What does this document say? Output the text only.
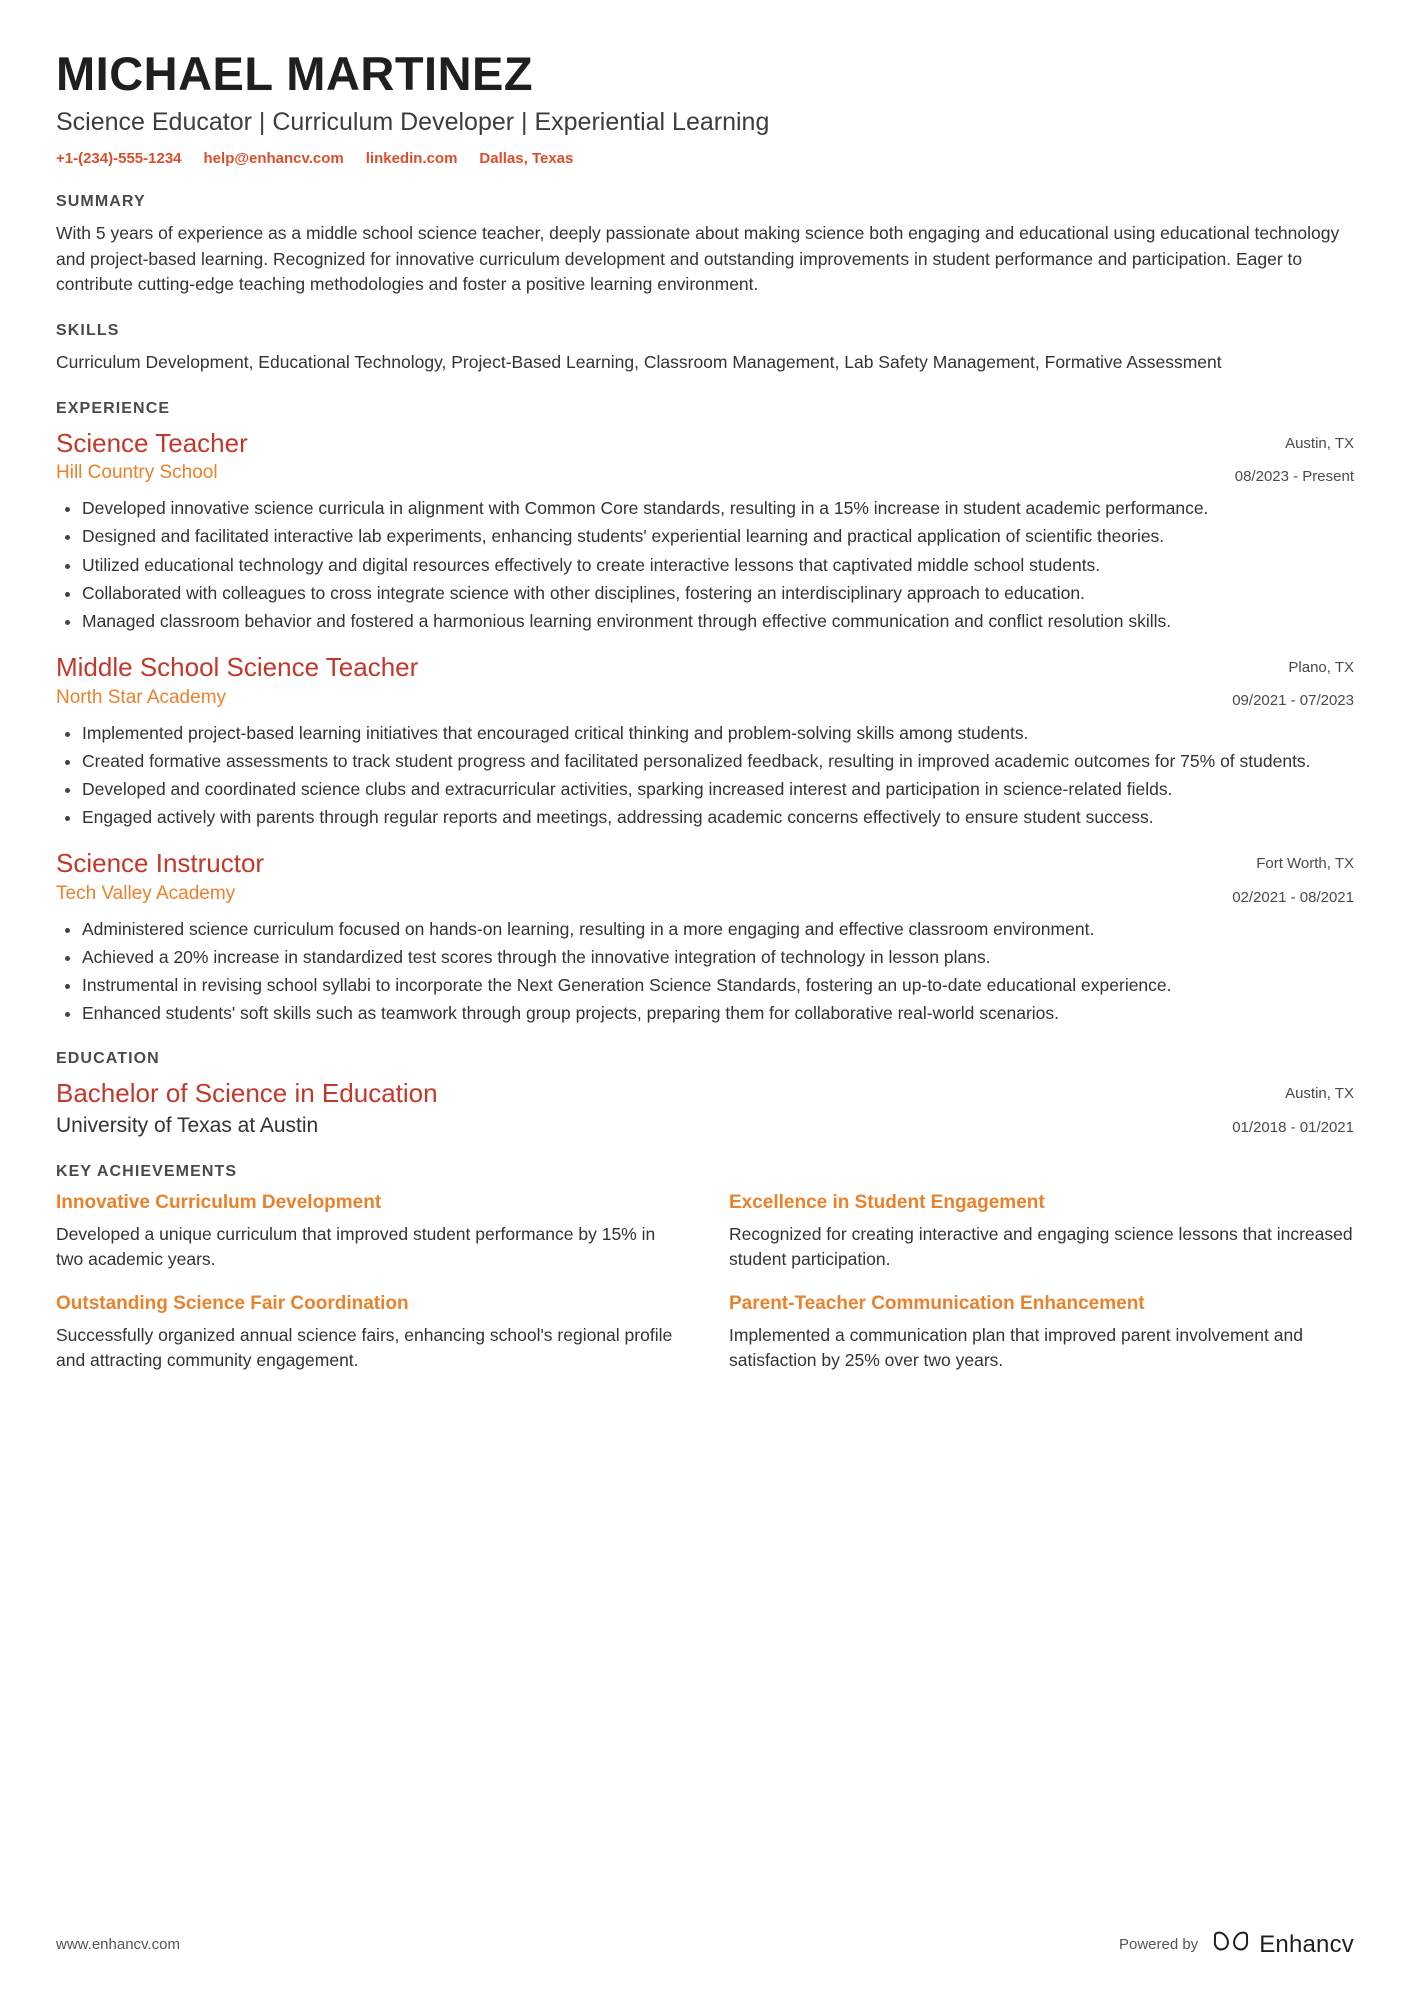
MICHAEL MARTINEZ
Science Educator | Curriculum Developer | Experiential Learning
+1-(234)-555-1234 help@enhancv.com linkedin.com Dallas, Texas
SUMMARY

With 5 years of experience as a middle school science teacher, deeply passionate about making science both engaging and educational using educational technology and project-based learning. Recognized for innovative curriculum development and outstanding improvements in student performance and participation. Eager to contribute cutting-edge teaching methodologies and foster a positive learning environment.

SKILLS

Curriculum Development, Educational Technology, Project-Based Learning, Classroom Management, Lab Safety Management, Formative Assessment

EXPERIENCE
Science Teacher
Hill Country School
Austin, TX
08/2023 - Present
Developed innovative science curricula in alignment with Common Core standards, resulting in a 15% increase in student academic performance.
Designed and facilitated interactive lab experiments, enhancing students' experiential learning and practical application of scientific theories.
Utilized educational technology and digital resources effectively to create interactive lessons that captivated middle school students.
Collaborated with colleagues to cross integrate science with other disciplines, fostering an interdisciplinary approach to education.
Managed classroom behavior and fostered a harmonious learning environment through effective communication and conflict resolution skills.
Middle School Science Teacher
North Star Academy
Plano, TX
09/2021 - 07/2023
Implemented project-based learning initiatives that encouraged critical thinking and problem-solving skills among students.
Created formative assessments to track student progress and facilitated personalized feedback, resulting in improved academic outcomes for 75% of students.
Developed and coordinated science clubs and extracurricular activities, sparking increased interest and participation in science-related fields.
Engaged actively with parents through regular reports and meetings, addressing academic concerns effectively to ensure student success.
Science Instructor
Tech Valley Academy
Fort Worth, TX
02/2021 - 08/2021
Administered science curriculum focused on hands-on learning, resulting in a more engaging and effective classroom environment.
Achieved a 20% increase in standardized test scores through the innovative integration of technology in lesson plans.
Instrumental in revising school syllabi to incorporate the Next Generation Science Standards, fostering an up-to-date educational experience.
Enhanced students' soft skills such as teamwork through group projects, preparing them for collaborative real-world scenarios.
EDUCATION
Bachelor of Science in Education
University of Texas at Austin
Austin, TX
01/2018 - 01/2021
KEY ACHIEVEMENTS
Innovative Curriculum Development

Developed a unique curriculum that improved student performance by 15% in two academic years.

Excellence in Student Engagement

Recognized for creating interactive and engaging science lessons that increased student participation.

Outstanding Science Fair Coordination

Successfully organized annual science fairs, enhancing school's regional profile and attracting community engagement.

Parent-Teacher Communication Enhancement

Implemented a communication plan that improved parent involvement and satisfaction by 25% over two years.

www.enhancv.com	Powered by	Enhancv
